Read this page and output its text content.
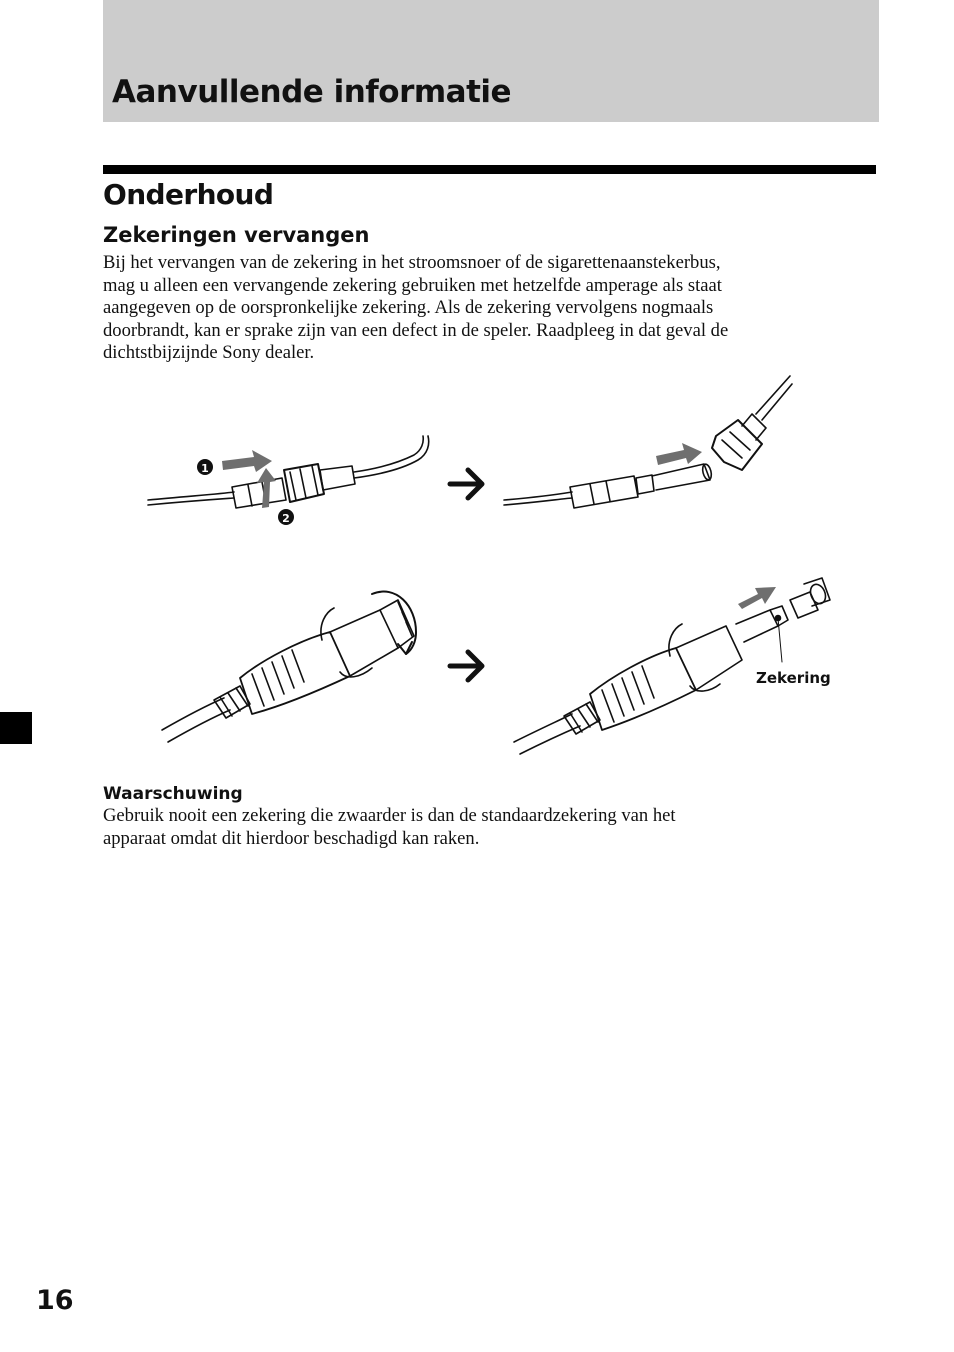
Aanvullende informatie
Onderhoud
Zekeringen vervangen

Bij het vervangen van de zekering in het stroomsnoer of de sigarettenaanstekerbus,
mag u alleen een vervangende zekering gebruiken met hetzelfde amperage als staat
aangegeven op de oorspronkelijke zekering. Als de zekering vervolgens nogmaals
doorbrandt, kan er sprake zijn van een defect in de speler. Raadpleeg in dat geval de
dichtstbijzijnde Sony dealer.

1
2
Zekering
Waarschuwing

Gebruik nooit een zekering die zwaarder is dan de standaardzekering van het
apparaat omdat dit hierdoor beschadigd kan raken.

16
